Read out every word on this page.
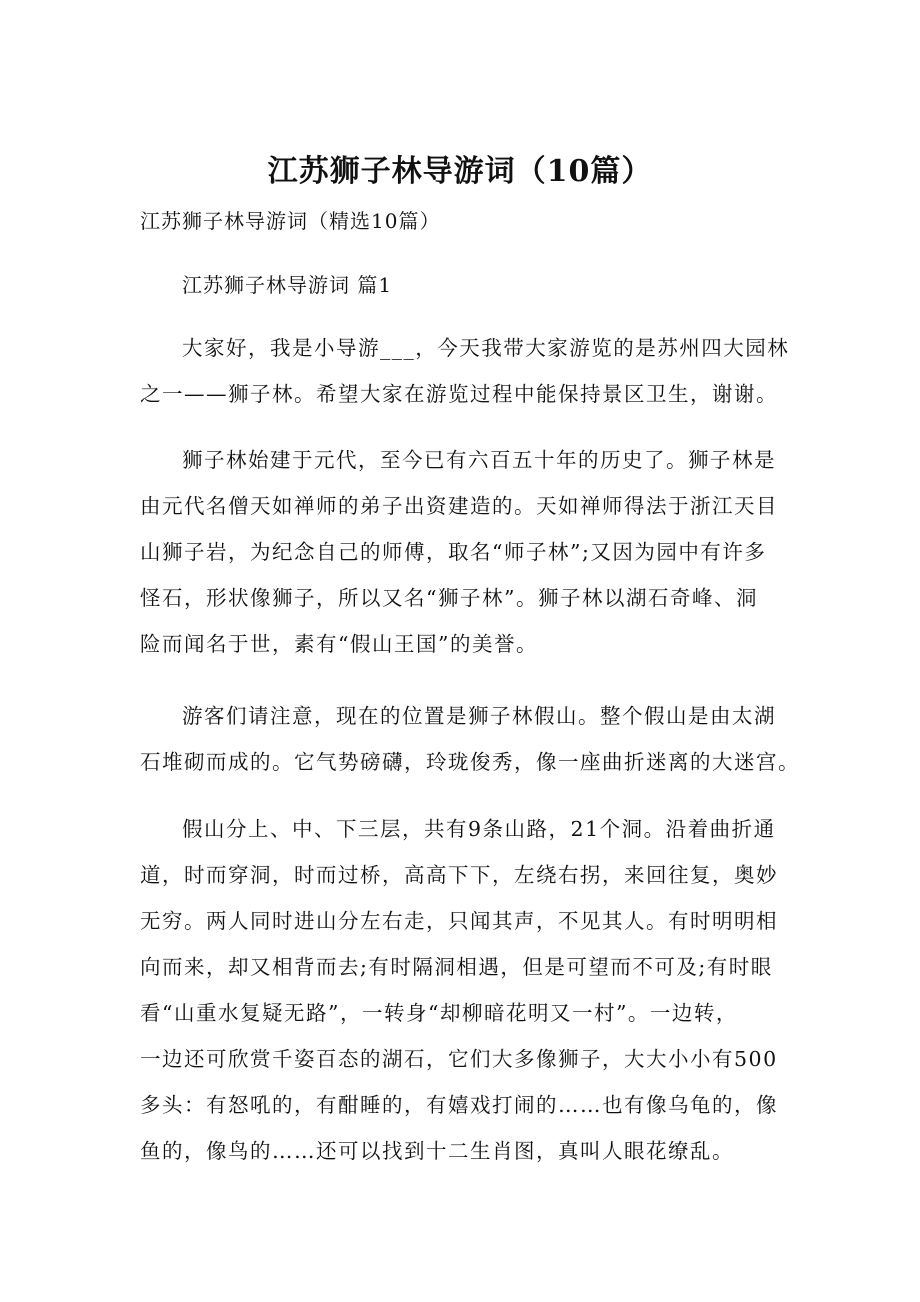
江苏狮子林导游词（10篇）
江苏狮子林导游词（精选10篇）
江苏狮子林导游词 篇1
大家好，我是小导游___，今天我带大家游览的是苏州四大园林
之一——狮子林。希望大家在游览过程中能保持景区卫生，谢谢。
狮子林始建于元代，至今已有六百五十年的历史了。狮子林是
由元代名僧天如禅师的弟子出资建造的。天如禅师得法于浙江天目
山狮子岩，为纪念自己的师傅，取名“师子林”;又因为园中有许多
怪石，形状像狮子，所以又名“狮子林”。狮子林以湖石奇峰、洞
险而闻名于世，素有“假山王国”的美誉。
游客们请注意，现在的位置是狮子林假山。整个假山是由太湖
石堆砌而成的。它气势磅礴，玲珑俊秀，像一座曲折迷离的大迷宫。
假山分上、中、下三层，共有9条山路，21个洞。沿着曲折通
道，时而穿洞，时而过桥，高高下下，左绕右拐，来回往复，奥妙
无穷。两人同时进山分左右走，只闻其声，不见其人。有时明明相
向而来，却又相背而去;有时隔洞相遇，但是可望而不可及;有时眼
看“山重水复疑无路”，一转身“却柳暗花明又一村”。一边转，
一边还可欣赏千姿百态的湖石，它们大多像狮子，大大小小有500
多头：有怒吼的，有酣睡的，有嬉戏打闹的……也有像乌龟的，像
鱼的，像鸟的……还可以找到十二生肖图，真叫人眼花缭乱。
